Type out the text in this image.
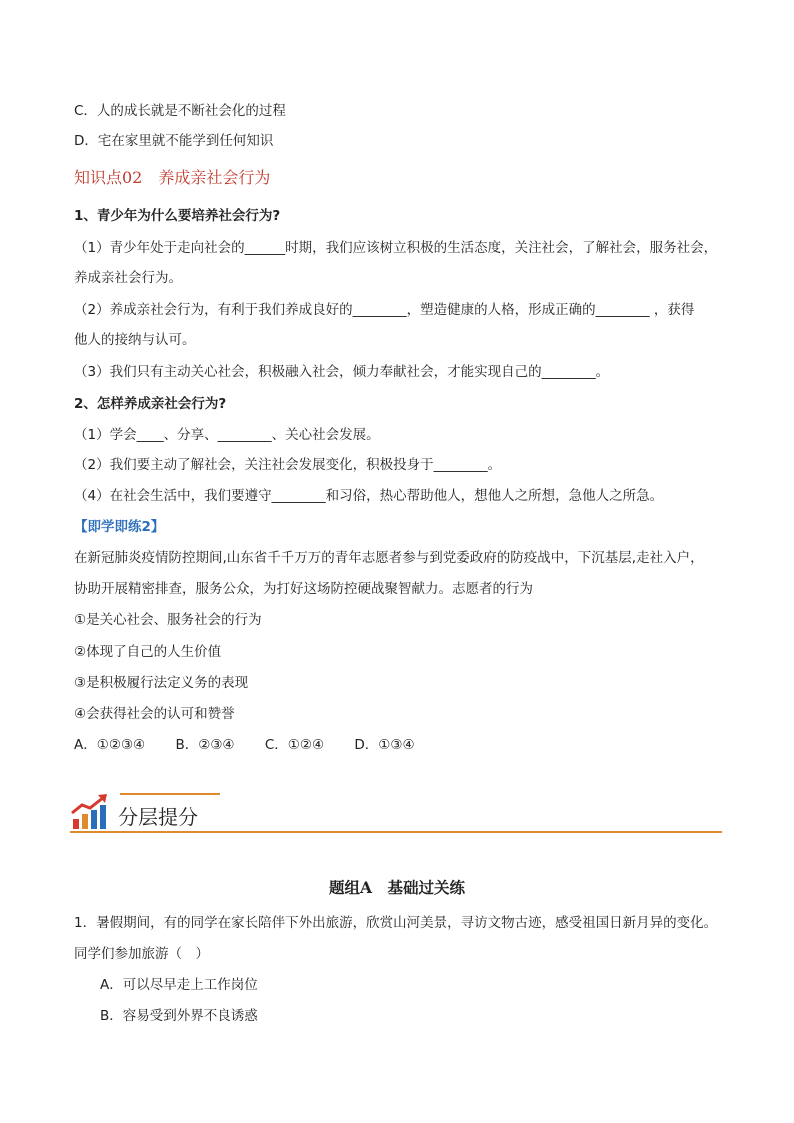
C．人的成长就是不断社会化的过程
D．宅在家里就不能学到任何知识
知识点02　养成亲社会行为
1、青少年为什么要培养社会行为?
（1）青少年处于走向社会的______时期，我们应该树立积极的生活态度，关注社会，了解社会，服务社会，
养成亲社会行为。
（2）养成亲社会行为，有利于我们养成良好的________，塑造健康的人格，形成正确的________ ，获得
他人的接纳与认可。
（3）我们只有主动关心社会，积极融入社会，倾力奉献社会，才能实现自己的________。
2、怎样养成亲社会行为?
（1）学会____、分享、________、关心社会发展。
（2）我们要主动了解社会，关注社会发展变化，积极投身于________。
（4）在社会生活中，我们要遵守________和习俗，热心帮助他人，想他人之所想，急他人之所急。
【即学即练2】
在新冠肺炎疫情防控期间,山东省千千万万的青年志愿者参与到党委政府的防疫战中，下沉基层,走社入户，
协助开展精密排查，服务公众，为打好这场防控硬战聚智献力。志愿者的行为
①是关心社会、服务社会的行为
②体现了自己的人生价值
③是积极履行法定义务的表现
④会获得社会的认可和赞誉
A．①②③④ B．②③④ C．①②④ D．①③④
分层提分
题组A　基础过关练
1．暑假期间，有的同学在家长陪伴下外出旅游，欣赏山河美景，寻访文物古迹，感受祖国日新月异的变化。
同学们参加旅游（　）
A．可以尽早走上工作岗位
B．容易受到外界不良诱惑
